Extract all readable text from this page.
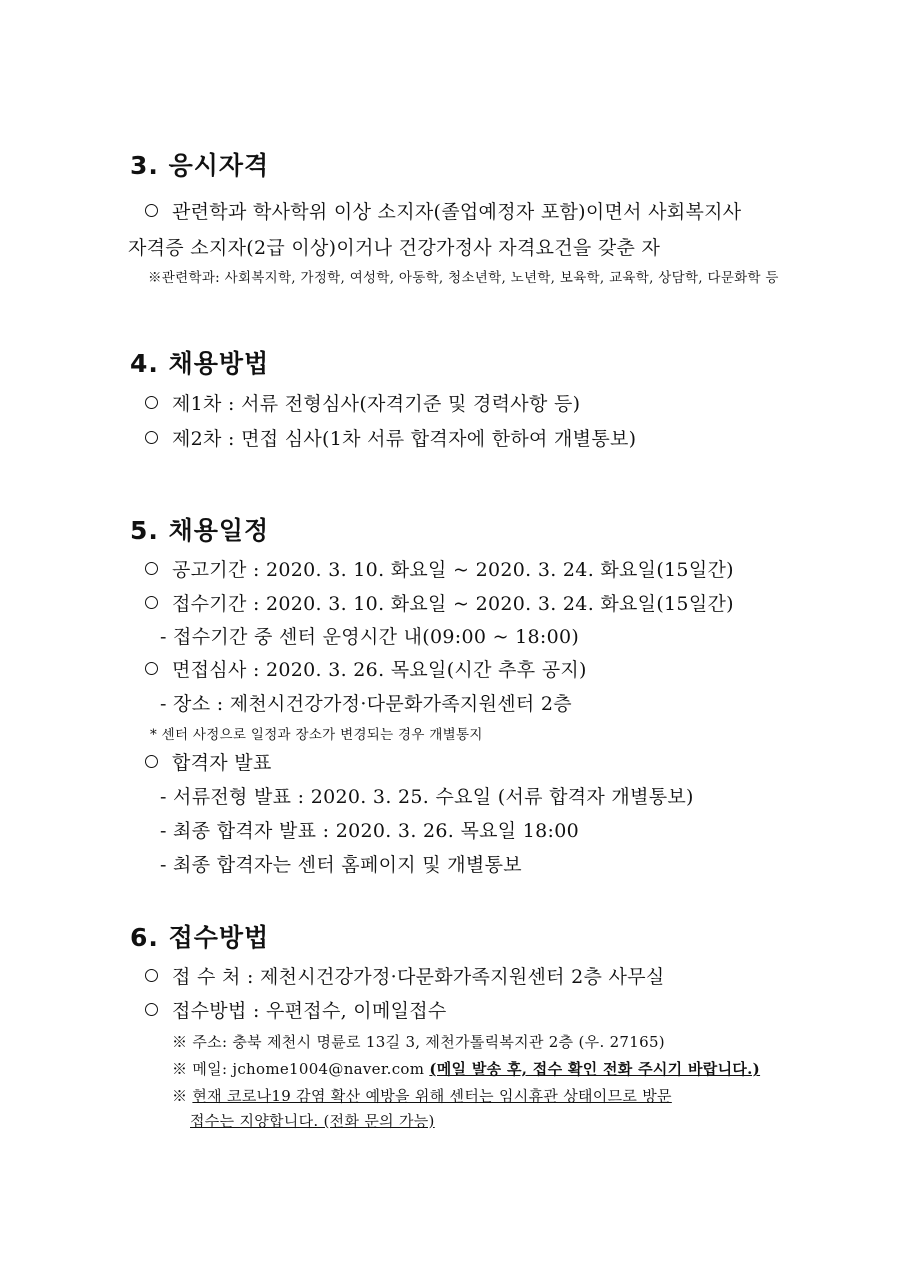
3. 응시자격
관련학과 학사학위 이상 소지자(졸업예정자 포함)이면서 사회복지사
자격증 소지자(2급 이상)이거나 건강가정사 자격요건을 갖춘 자
※관련학과: 사회복지학, 가정학, 여성학, 아동학, 청소년학, 노년학, 보육학, 교육학, 상담학, 다문화학 등
4. 채용방법
제1차 : 서류 전형심사(자격기준 및 경력사항 등)
제2차 : 면접 심사(1차 서류 합격자에 한하여 개별통보)
5. 채용일정
공고기간 : 2020. 3. 10. 화요일 ~ 2020. 3. 24. 화요일(15일간)
접수기간 : 2020. 3. 10. 화요일 ~ 2020. 3. 24. 화요일(15일간)
- 접수기간 중 센터 운영시간 내(09:00 ~ 18:00)
면접심사 : 2020. 3. 26. 목요일(시간 추후 공지)
- 장소 : 제천시건강가정·다문화가족지원센터 2층
* 센터 사정으로 일정과 장소가 변경되는 경우 개별통지
합격자 발표
- 서류전형 발표 : 2020. 3. 25. 수요일 (서류 합격자 개별통보)
- 최종 합격자 발표 : 2020. 3. 26. 목요일 18:00
- 최종 합격자는 센터 홈페이지 및 개별통보
6. 접수방법
접 수 처 : 제천시건강가정·다문화가족지원센터 2층 사무실
접수방법 : 우편접수, 이메일접수
※ 주소: 충북 제천시 명륜로 13길 3, 제천가톨릭복지관 2층 (우. 27165)
※ 메일: jchome1004@naver.com (메일 발송 후, 접수 확인 전화 주시기 바랍니다.)
※ 현재 코로나19 감염 확산 예방을 위해 센터는 임시휴관 상태이므로 방문
접수는 지양합니다. (전화 문의 가능)
